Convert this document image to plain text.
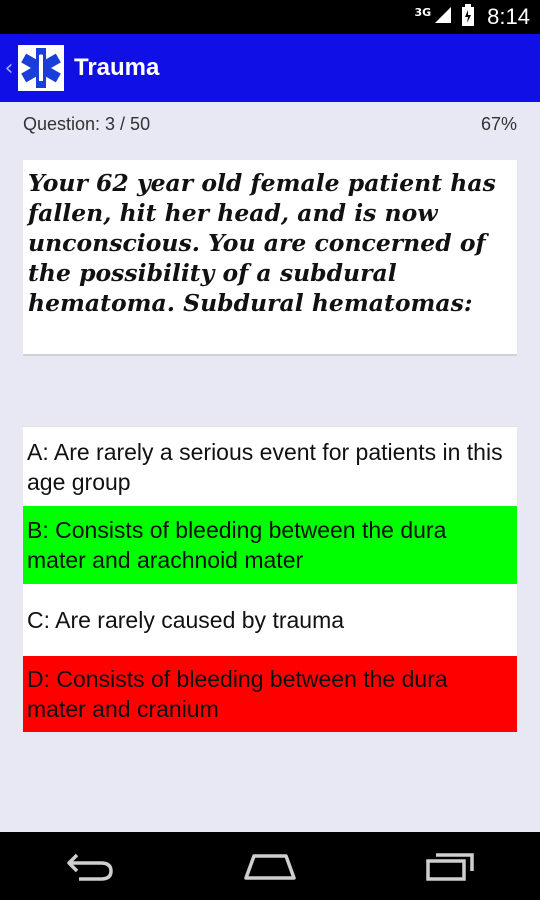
3G	8:14
‹	E
M
T Trauma
Question: 3 / 50	67%
Your 62 year old female patient has fallen, hit her head, and is now unconscious. You are concerned of the possibility of a subdural hematoma. Subdural hematomas:
A: Are rarely a serious event for patients in this age group
B: Consists of bleeding between the dura mater and arachnoid mater
C: Are rarely caused by trauma
D: Consists of bleeding between the dura mater and cranium
